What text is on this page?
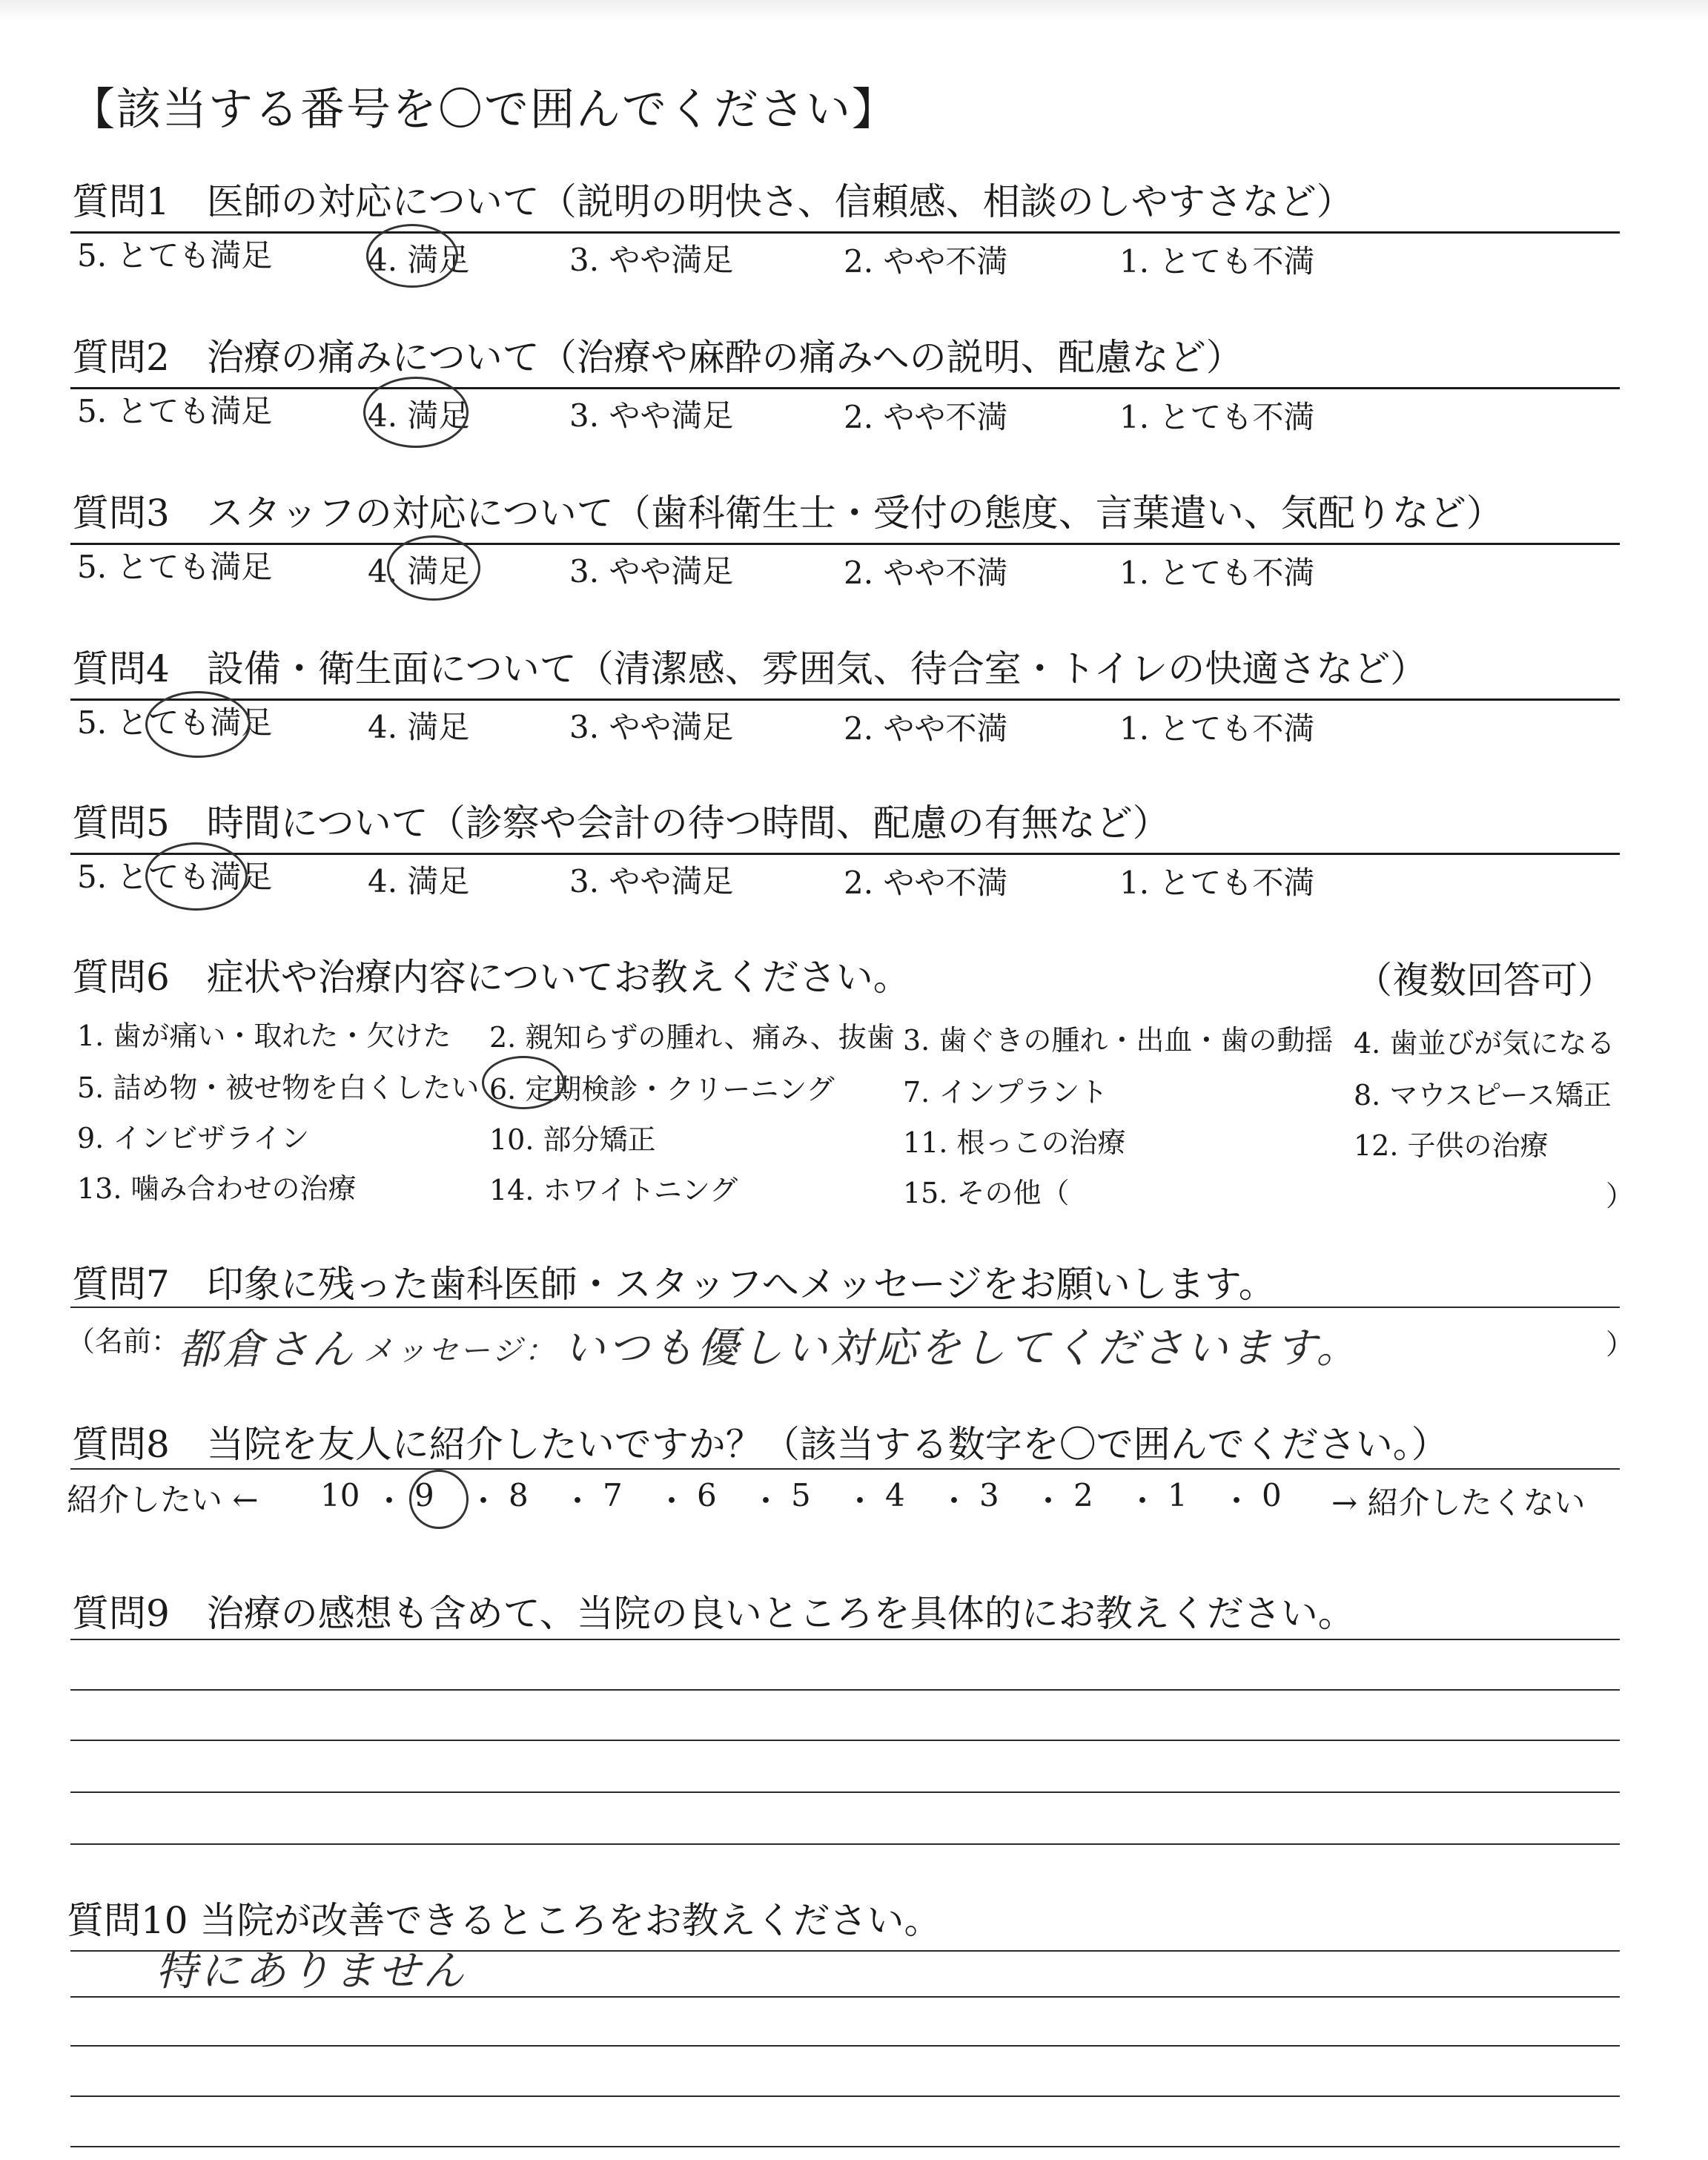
【該当する番号を〇で囲んでください】
質問1　医師の対応について（説明の明快さ、信頼感、相談のしやすさなど）
5. とても満足	4. 満足	3. やや満足	2. やや不満	1. とても不満
質問2　治療の痛みについて（治療や麻酔の痛みへの説明、配慮など）
5. とても満足	4. 満足	3. やや満足	2. やや不満	1. とても不満
質問3　スタッフの対応について（歯科衛生士・受付の態度、言葉遣い、気配りなど）
5. とても満足	4. 満足	3. やや満足	2. やや不満	1. とても不満
質問4　設備・衛生面について（清潔感、雰囲気、待合室・トイレの快適さなど）
5. とても満足	4. 満足	3. やや満足	2. やや不満	1. とても不満
質問5　時間について（診察や会計の待つ時間、配慮の有無など）
5. とても満足	4. 満足	3. やや満足	2. やや不満	1. とても不満
質問6　症状や治療内容についてお教えください。	（複数回答可）
1. 歯が痛い・取れた・欠けた 2. 親知らずの腫れ、痛み、抜歯 3. 歯ぐきの腫れ・出血・歯の動揺 4. 歯並びが気になる
5. 詰め物・被せ物を白くしたい 6. 定期検診・クリーニング 7. インプラント	8. マウスピース矯正
9. インビザライン	10. 部分矯正	11. 根っこの治療	12. 子供の治療
13. 噛み合わせの治療	14. ホワイトニング	15. その他（	）
質問7　印象に残った歯科医師・スタッフへメッセージをお願いします。
（名前：
都倉さん メッセージ： いつも優しい対応をしてくださいます。	）
質問8　当院を友人に紹介したいですか？（該当する数字を〇で囲んでください。）
紹介したい ←	→ 紹介したくない
10 ・ 9 ・ 8 ・ 7 ・ 6 ・ 5 ・ 4 ・ 3 ・ 2 ・ 1 ・ 0
質問9　治療の感想も含めて、当院の良いところを具体的にお教えください。
質問10 当院が改善できるところをお教えください。
特にありません
